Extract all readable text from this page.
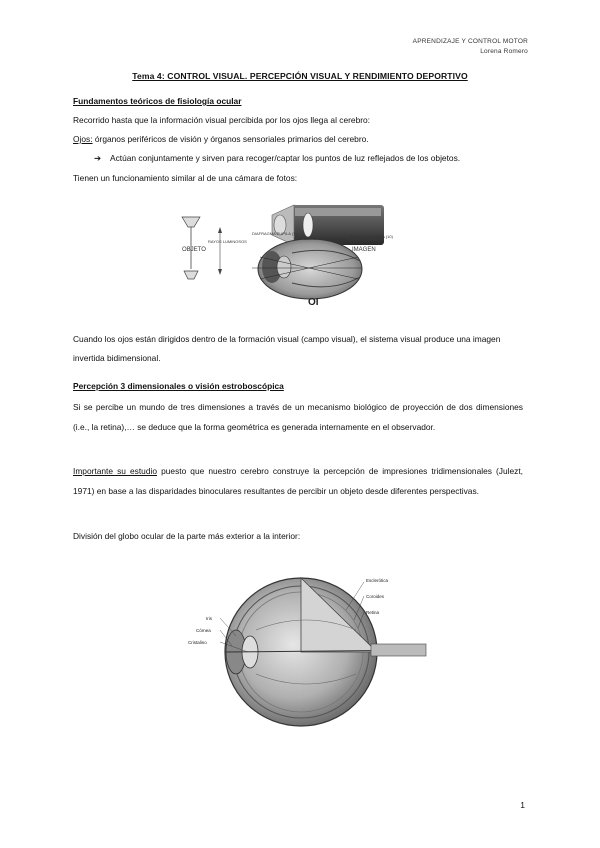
APRENDIZAJE Y CONTROL MOTOR
Lorena Romero
Tema 4: CONTROL VISUAL. PERCEPCIÓN VISUAL Y RENDIMIENTO DEPORTIVO
Fundamentos teóricos de fisiología ocular
Recorrido hasta que la información visual percibida por los ojos llega al cerebro:
Ojos: órganos periféricos de visión y órganos sensoriales primarios del cerebro.
➔ Actúan conjuntamente y sirven para recoger/captar los puntos de luz reflejados de los objetos.
Tienen un funcionamiento similar al de una cámara de fotos:
OBJETO
RAYOS LUMINOSOS
DIAFRAGMA PUPILA (7)
LENTE CRISTALINO (8) PELÍCULA RETINA (10)
IMAGEN
OI
Cuando los ojos están dirigidos dentro de la formación visual (campo visual), el sistema visual produce una imagen invertida bidimensional.
Percepción 3 dimensionales o visión estroboscópica
Si se percibe un mundo de tres dimensiones a través de un mecanismo biológico de proyección de dos dimensiones (i.e., la retina),… se deduce que la forma geométrica es generada internamente en el observador.
Importante su estudio puesto que nuestro cerebro construye la percepción de impresiones tridimensionales (Julezt, 1971) en base a las disparidades binoculares resultantes de percibir un objeto desde diferentes perspectivas.
División del globo ocular de la parte más exterior a la interior:
Esclerótica
Coroides
Retina
Iris
Córnea
Cristalino
1
